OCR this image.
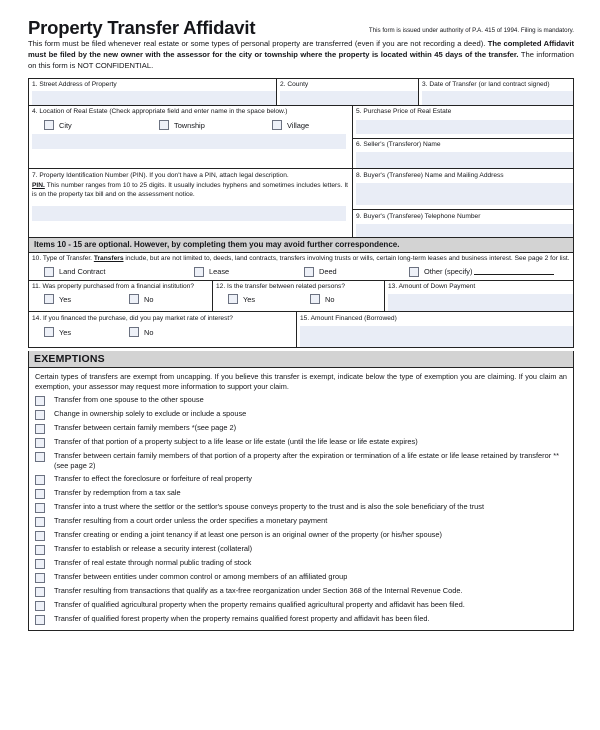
Property Transfer Affidavit	This form is issued under authority of P.A. 415 of 1994. Filing is mandatory.
This form must be filed whenever real estate or some types of personal property are transferred (even if you are not recording a deed). The completed Affidavit must be filed by the new owner with the assessor for the city or township where the property is located within 45 days of the transfer. The information on this form is NOT CONFIDENTIAL.
1. Street Address of Property	2. County	3. Date of Transfer (or land contract signed)
4. Location of Real Estate (Check appropriate field and enter name in the space below.)
City	Township	Village
5. Purchase Price of Real Estate
6. Seller's (Transferor) Name
7. Property Identification Number (PIN). If you don't have a PIN, attach legal description.
PIN. This number ranges from 10 to 25 digits. It usually includes hyphens and sometimes includes letters. It is on the property tax bill and on the assessment notice.
8. Buyer's (Transferee) Name and Mailing Address
9. Buyer's (Transferee) Telephone Number
Items 10 - 15 are optional. However, by completing them you may avoid further correspondence.
10. Type of Transfer. Transfers include, but are not limited to, deeds, land contracts, transfers involving trusts or wills, certain long-term leases and business interest. See page 2 for list.
Land Contract	Lease	Deed	Other (specify)
11. Was property purchased from a financial institution?
Yes	No
12. Is the transfer between related persons?
Yes	No
13. Amount of Down Payment
14. If you financed the purchase, did you pay market rate of interest?
Yes	No
15. Amount Financed (Borrowed)
EXEMPTIONS
Certain types of transfers are exempt from uncapping. If you believe this transfer is exempt, indicate below the type of exemption you are claiming. If you claim an exemption, your assessor may request more information to support your claim.
Transfer from one spouse to the other spouse
Change in ownership solely to exclude or include a spouse
Transfer between certain family members *(see page 2)
Transfer of that portion of a property subject to a life lease or life estate (until the life lease or life estate expires)
Transfer between certain family members of that portion of a property after the expiration or termination of a life estate or life lease retained by transferor ** (see page 2)
Transfer to effect the foreclosure or forfeiture of real property
Transfer by redemption from a tax sale
Transfer into a trust where the settlor or the settlor's spouse conveys property to the trust and is also the sole beneficiary of the trust
Transfer resulting from a court order unless the order specifies a monetary payment
Transfer creating or ending a joint tenancy if at least one person is an original owner of the property (or his/her spouse)
Transfer to establish or release a security interest (collateral)
Transfer of real estate through normal public trading of stock
Transfer between entities under common control or among members of an affiliated group
Transfer resulting from transactions that qualify as a tax-free reorganization under Section 368 of the Internal Revenue Code.
Transfer of qualified agricultural property when the property remains qualified agricultural property and affidavit has been filed.
Transfer of qualified forest property when the property remains qualified forest property and affidavit has been filed.
